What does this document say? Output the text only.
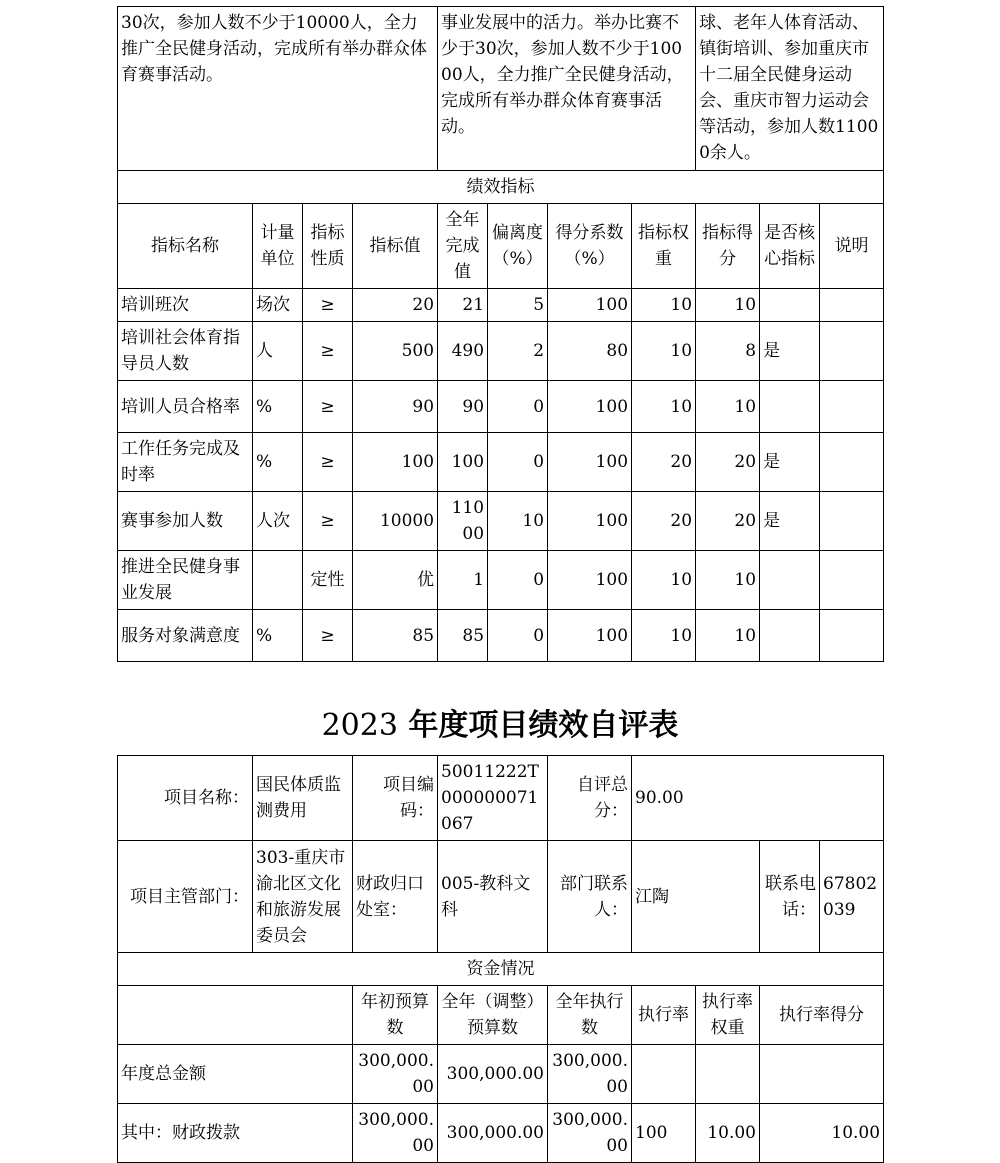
30次，参加人数不少于10000人，全力推广全民健身活动，完成所有举办群众体育赛事活动。				事业发展中的活力。举办比赛不少于30次，参加人数不少于10000人，全力推广全民健身活动，完成所有举办群众体育赛事活动。				球、老年人体育活动、镇街培训、参加重庆市十二届全民健身运动会、重庆市智力运动会等活动，参加人数11000余人。		
绩效指标										
指标名称	计量单位	指标性质	指标值	全年完成值	偏离度（%）	得分系数（%）	指标权重	指标得分	是否核心指标	说明
培训班次	场次	≥	20	21	5	100	10	10		
培训社会体育指导员人数	人	≥	500	490	2	80	10	8	是	
培训人员合格率	%	≥	90	90	0	100	10	10		
工作任务完成及时率	%	≥	100	100	0	100	20	20	是	
赛事参加人数	人次	≥	10000	11000	10	100	20	20	是	
推进全民健身事业发展		定性	优	1	0	100	10	10		
服务对象满意度	%	≥	85	85	0	100	10	10		
2023 年度项目绩效自评表
项目名称：	国民体质监测费用	项目编码：	50011222T000000071067	自评总分：	90.00			
项目主管部门：	303-重庆市渝北区文化和旅游发展委员会	财政归口处室：	005-教科文科	部门联系人：	江陶		联系电话：	67802039
资金情况								
		年初预算数	全年（调整）预算数	全年执行数	执行率	执行率权重	执行率得分	
年度总金额		300,000.00	300,000.00	300,000.00				
其中：财政拨款		300,000.00	300,000.00	300,000.00	100	10.00	10.00	
